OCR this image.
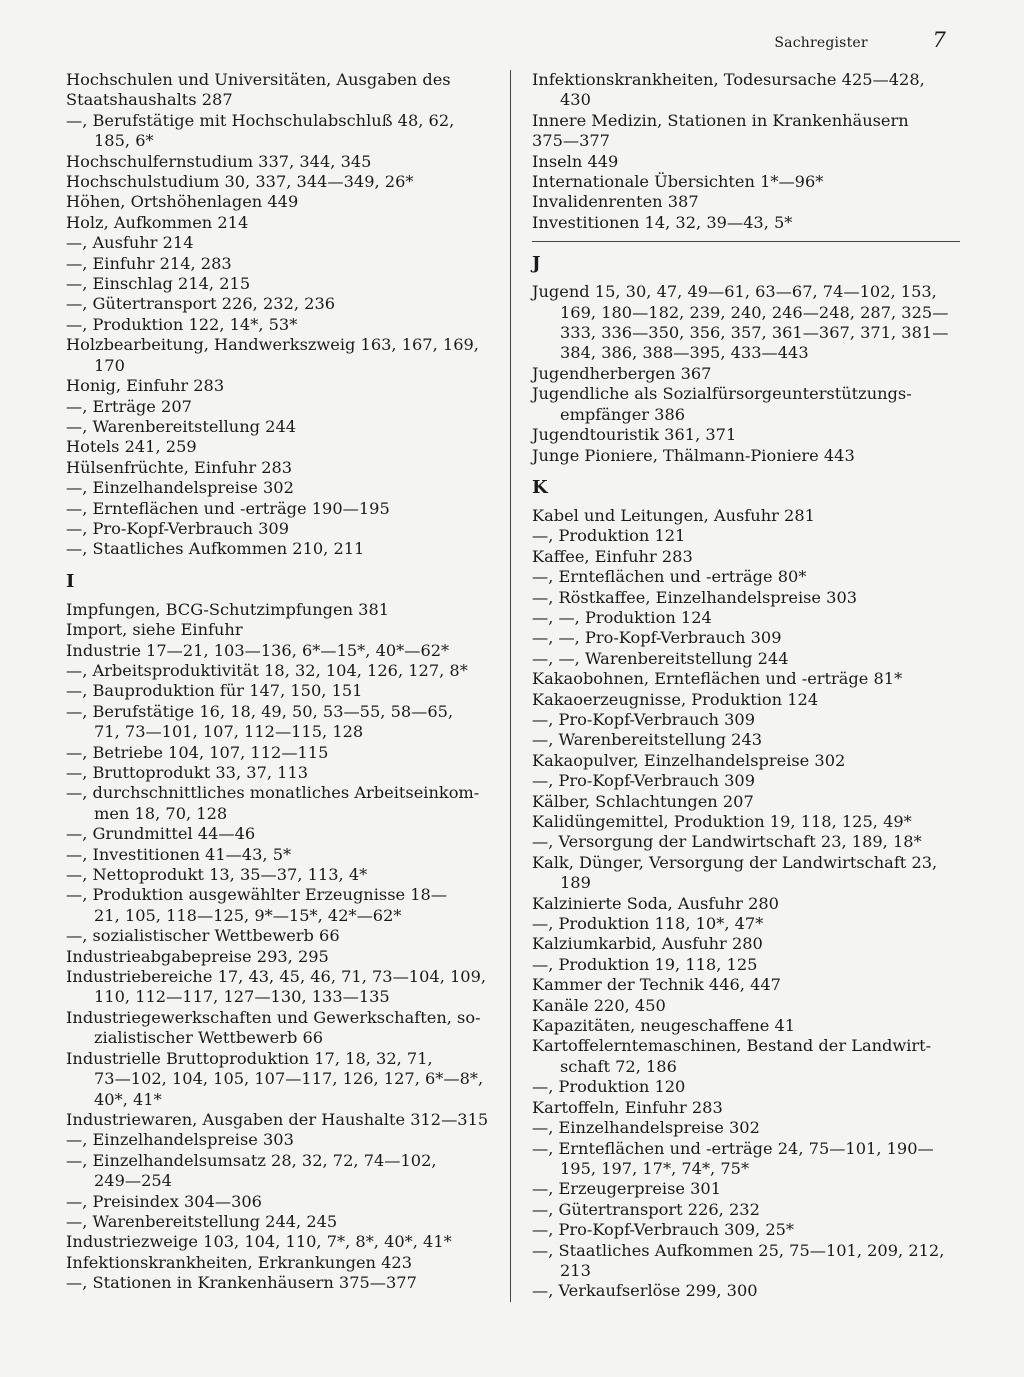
Sachregister	7
Hochschulen und Universitäten, Ausgaben des
Staatshaushalts 287
—, Berufstätige mit Hochschulabschluß 48, 62,
185, 6*
Hochschulfernstudium 337, 344, 345
Hochschulstudium 30, 337, 344—349, 26*
Höhen, Ortshöhenlagen 449
Holz, Aufkommen 214
—, Ausfuhr 214
—, Einfuhr 214, 283
—, Einschlag 214, 215
—, Gütertransport 226, 232, 236
—, Produktion 122, 14*, 53*
Holzbearbeitung, Handwerkszweig 163, 167, 169,
170
Honig, Einfuhr 283
—, Erträge 207
—, Warenbereitstellung 244
Hotels 241, 259
Hülsenfrüchte, Einfuhr 283
—, Einzelhandelspreise 302
—, Ernteflächen und -erträge 190—195
—, Pro-Kopf-Verbrauch 309
—, Staatliches Aufkommen 210, 211
I
Impfungen, BCG-Schutzimpfungen 381
Import, siehe Einfuhr
Industrie 17—21, 103—136, 6*—15*, 40*—62*
—, Arbeitsproduktivität 18, 32, 104, 126, 127, 8*
—, Bauproduktion für 147, 150, 151
—, Berufstätige 16, 18, 49, 50, 53—55, 58—65,
71, 73—101, 107, 112—115, 128
—, Betriebe 104, 107, 112—115
—, Bruttoprodukt 33, 37, 113
—, durchschnittliches monatliches Arbeitseinkom-
men 18, 70, 128
—, Grundmittel 44—46
—, Investitionen 41—43, 5*
—, Nettoprodukt 13, 35—37, 113, 4*
—, Produktion ausgewählter Erzeugnisse 18—
21, 105, 118—125, 9*—15*, 42*—62*
—, sozialistischer Wettbewerb 66
Industrieabgabepreise 293, 295
Industriebereiche 17, 43, 45, 46, 71, 73—104, 109,
110, 112—117, 127—130, 133—135
Industriegewerkschaften und Gewerkschaften, so-
zialistischer Wettbewerb 66
Industrielle Bruttoproduktion 17, 18, 32, 71,
73—102, 104, 105, 107—117, 126, 127, 6*—8*,
40*, 41*
Industriewaren, Ausgaben der Haushalte 312—315
—, Einzelhandelspreise 303
—, Einzelhandelsumsatz 28, 32, 72, 74—102,
249—254
—, Preisindex 304—306
—, Warenbereitstellung 244, 245
Industriezweige 103, 104, 110, 7*, 8*, 40*, 41*
Infektionskrankheiten, Erkrankungen 423
—, Stationen in Krankenhäusern 375—377
Infektionskrankheiten, Todesursache 425—428,
430
Innere Medizin, Stationen in Krankenhäusern
375—377
Inseln 449
Internationale Übersichten 1*—96*
Invalidenrenten 387
Investitionen 14, 32, 39—43, 5*
J
Jugend 15, 30, 47, 49—61, 63—67, 74—102, 153,
169, 180—182, 239, 240, 246—248, 287, 325—
333, 336—350, 356, 357, 361—367, 371, 381—
384, 386, 388—395, 433—443
Jugendherbergen 367
Jugendliche als Sozialfürsorgeunterstützungs-
empfänger 386
Jugendtouristik 361, 371
Junge Pioniere, Thälmann-Pioniere 443
K
Kabel und Leitungen, Ausfuhr 281
—, Produktion 121
Kaffee, Einfuhr 283
—, Ernteflächen und -erträge 80*
—, Röstkaffee, Einzelhandelspreise 303
—, —, Produktion 124
—, —, Pro-Kopf-Verbrauch 309
—, —, Warenbereitstellung 244
Kakaobohnen, Ernteflächen und -erträge 81*
Kakaoerzeugnisse, Produktion 124
—, Pro-Kopf-Verbrauch 309
—, Warenbereitstellung 243
Kakaopulver, Einzelhandelspreise 302
—, Pro-Kopf-Verbrauch 309
Kälber, Schlachtungen 207
Kalidüngemittel, Produktion 19, 118, 125, 49*
—, Versorgung der Landwirtschaft 23, 189, 18*
Kalk, Dünger, Versorgung der Landwirtschaft 23,
189
Kalzinierte Soda, Ausfuhr 280
—, Produktion 118, 10*, 47*
Kalziumkarbid, Ausfuhr 280
—, Produktion 19, 118, 125
Kammer der Technik 446, 447
Kanäle 220, 450
Kapazitäten, neugeschaffene 41
Kartoffelerntemaschinen, Bestand der Landwirt-
schaft 72, 186
—, Produktion 120
Kartoffeln, Einfuhr 283
—, Einzelhandelspreise 302
—, Ernteflächen und -erträge 24, 75—101, 190—
195, 197, 17*, 74*, 75*
—, Erzeugerpreise 301
—, Gütertransport 226, 232
—, Pro-Kopf-Verbrauch 309, 25*
—, Staatliches Aufkommen 25, 75—101, 209, 212,
213
—, Verkaufserlöse 299, 300
